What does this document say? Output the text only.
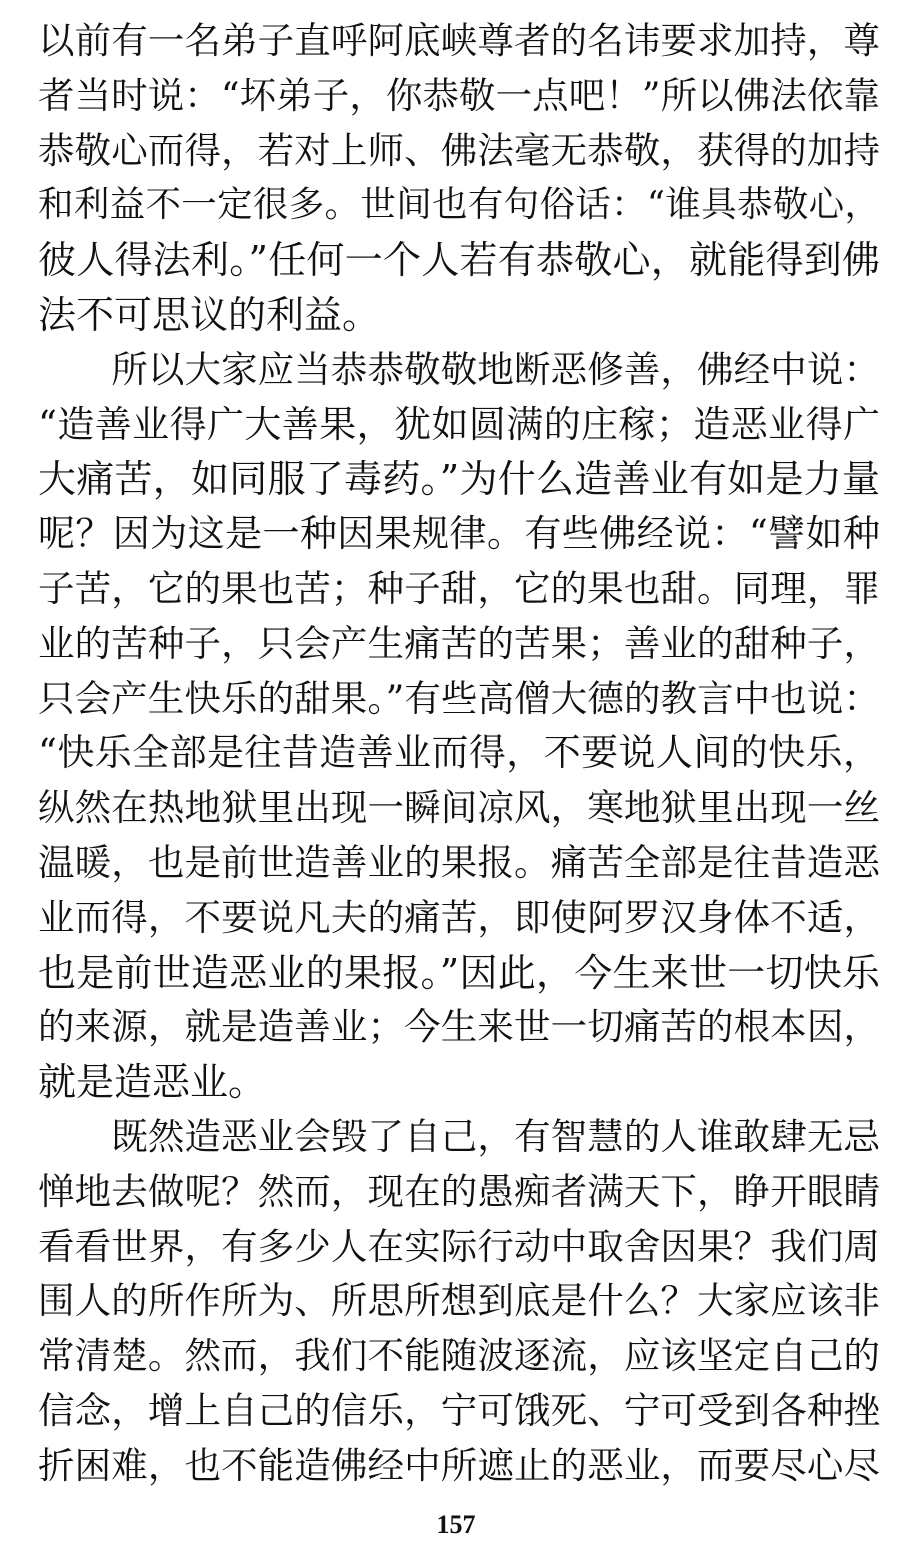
以前有一名弟子直呼阿底峡尊者的名讳要求加持，尊
者当时说：“坏弟子，你恭敬一点吧！”所以佛法依靠
恭敬心而得，若对上师、佛法毫无恭敬，获得的加持
和利益不一定很多。世间也有句俗话：“谁具恭敬心，
彼人得法利。”任何一个人若有恭敬心，就能得到佛
法不可思议的利益。
　　所以大家应当恭恭敬敬地断恶修善，佛经中说：
“造善业得广大善果，犹如圆满的庄稼；造恶业得广
大痛苦，如同服了毒药。”为什么造善业有如是力量
呢？因为这是一种因果规律。有些佛经说：“譬如种
子苦，它的果也苦；种子甜，它的果也甜。同理，罪
业的苦种子，只会产生痛苦的苦果；善业的甜种子，
只会产生快乐的甜果。”有些高僧大德的教言中也说：
“快乐全部是往昔造善业而得，不要说人间的快乐，
纵然在热地狱里出现一瞬间凉风，寒地狱里出现一丝
温暖，也是前世造善业的果报。痛苦全部是往昔造恶
业而得，不要说凡夫的痛苦，即使阿罗汉身体不适，
也是前世造恶业的果报。”因此，今生来世一切快乐
的来源，就是造善业；今生来世一切痛苦的根本因，
就是造恶业。
　　既然造恶业会毁了自己，有智慧的人谁敢肆无忌
惮地去做呢？然而，现在的愚痴者满天下，睁开眼睛
看看世界，有多少人在实际行动中取舍因果？我们周
围人的所作所为、所思所想到底是什么？大家应该非
常清楚。然而，我们不能随波逐流，应该坚定自己的
信念，增上自己的信乐，宁可饿死、宁可受到各种挫
折困难，也不能造佛经中所遮止的恶业，而要尽心尽
157
